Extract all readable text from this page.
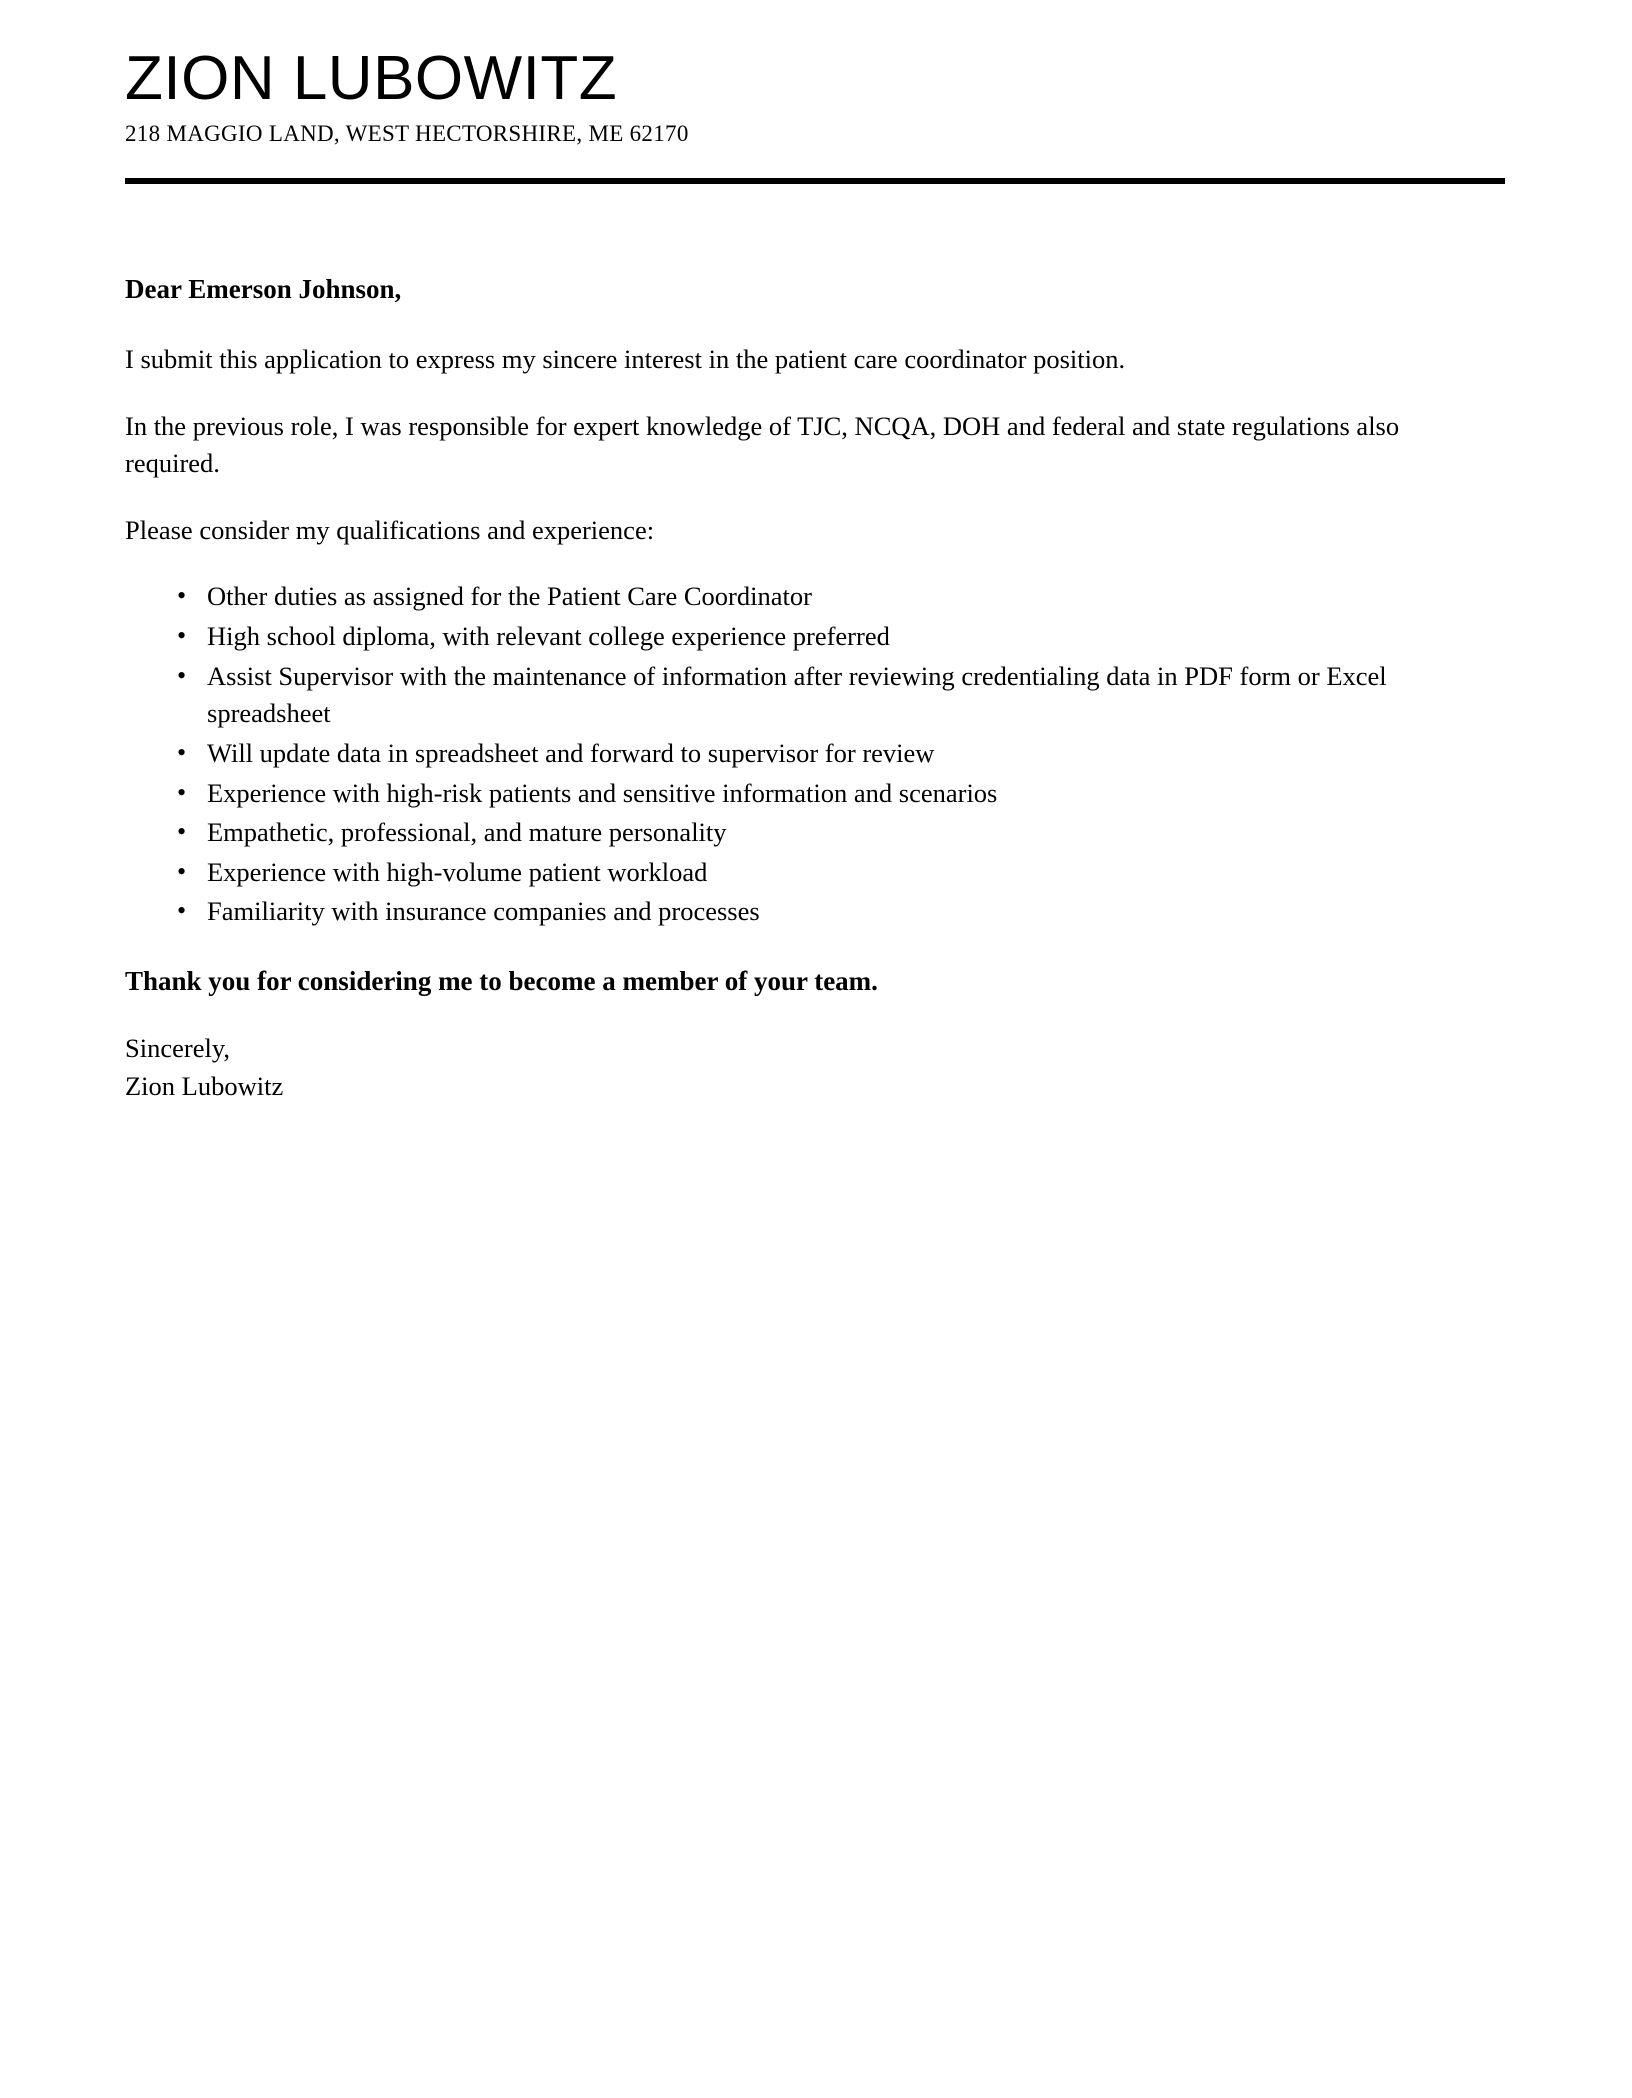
ZION LUBOWITZ
218 MAGGIO LAND, WEST HECTORSHIRE, ME 62170

Dear Emerson Johnson,

I submit this application to express my sincere interest in the patient care coordinator position.

In the previous role, I was responsible for expert knowledge of TJC, NCQA, DOH and federal and state regulations also required.

Please consider my qualifications and experience:

• Other duties as assigned for the Patient Care Coordinator
• High school diploma, with relevant college experience preferred
• Assist Supervisor with the maintenance of information after reviewing credentialing data in PDF form or Excel spreadsheet
• Will update data in spreadsheet and forward to supervisor for review
• Experience with high-risk patients and sensitive information and scenarios
• Empathetic, professional, and mature personality
• Experience with high-volume patient workload
• Familiarity with insurance companies and processes

Thank you for considering me to become a member of your team.

Sincerely,

Zion Lubowitz
